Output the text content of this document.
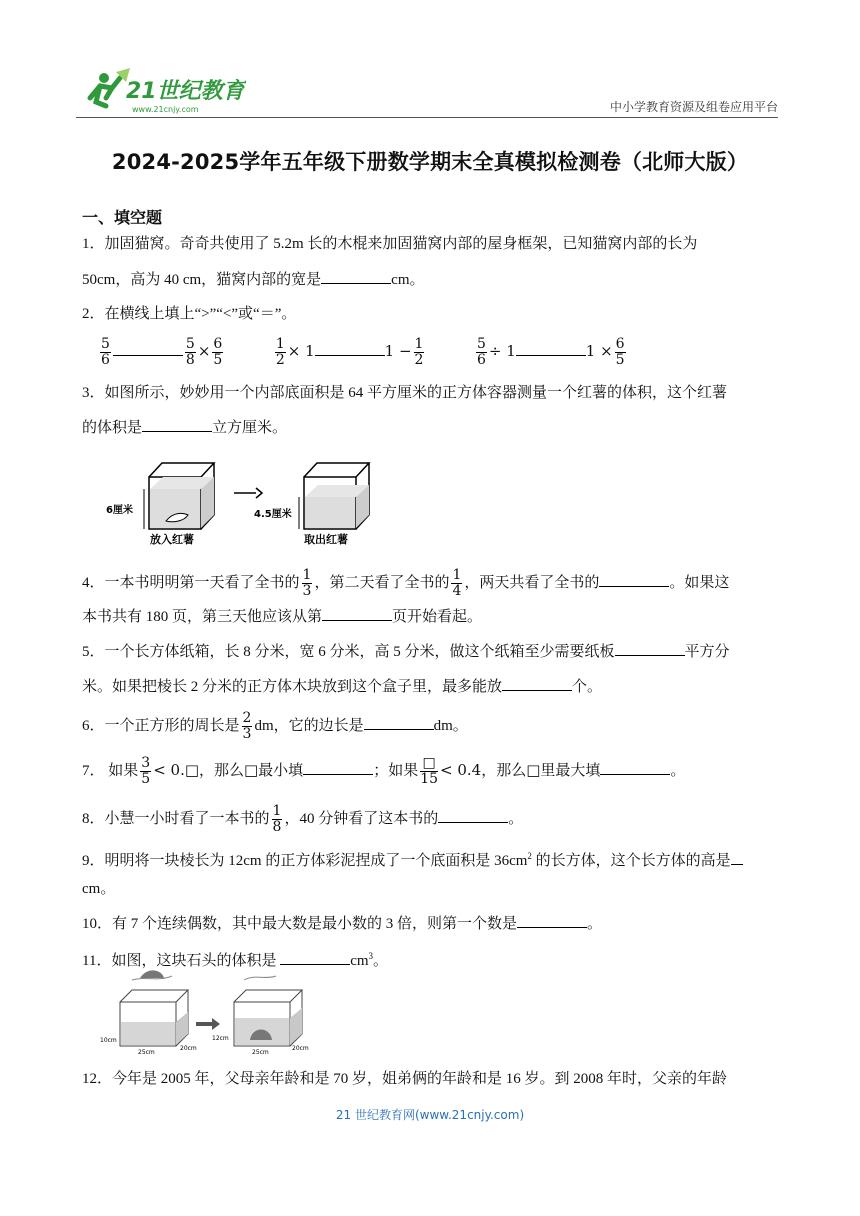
21世纪教育
www.21cnjy.com	中小学教育资源及组卷应用平台
2024-2025学年五年级下册数学期末全真模拟检测卷（北师大版）
一、填空题
1．加固猫窝。奇奇共使用了 5.2m 长的木棍来加固猫窝内部的屋身框架，已知猫窝内部的长为
50cm，高为 40 cm，猫窝内部的宽是	cm。
2．在横线上填上“>”“<”或“＝”。
$\frac{5}{6}$	$\frac{5}{8} \times \frac{6}{5}$
	$\frac{1}{2} \times 1$	$1 - \frac{1}{2}$
	$\frac{5}{6} \div 1$	$1 \times \frac{6}{5}$
3．如图所示，妙妙用一个内部底面积是 64 平方厘米的正方体容器测量一个红薯的体积，这个红薯
的体积是	立方厘米。
6厘米
放入红薯
4.5厘米
取出红薯
4．一本书明明第一天看了全书的 $\frac{1}{3}$ ，第二天看了全书的 $\frac{1}{4}$ ，两天共看了全书的	。如果这
本书共有 180 页，第三天他应该从第	页开始看起。
5．一个长方体纸箱，长 8 分米，宽 6 分米，高 5 分米，做这个纸箱至少需要纸板	平方分
米。如果把棱长 2 分米的正方体木块放到这个盒子里，最多能放	个。
6．一个正方形的周长是 $\frac{2}{3}$ dm，它的边长是	dm。
7． 如果 $\frac{3}{5}$ < 0.□，那么□最小填	；如果 $\frac{□}{15} < 0.4$，那么□里最大填	。
8．小慧一小时看了一本书的 $\frac{1}{8}$ ，40 分钟看了这本书的	。
9．明明将一块棱长为 12cm 的正方体彩泥捏成了一个底面积是 $36cm^2$ 的长方体，这个长方体的高是
cm。
10．有 7 个连续偶数，其中最大数是最小数的 3 倍，则第一个数是	。
11．如图，这块石头的体积是	$cm^3$。
10cm
25cm
20cm
12cm
25cm
20cm
12．今年是 2005 年，父母亲年龄和是 70 岁，姐弟俩的年龄和是 16 岁。到 2008 年时，父亲的年龄
21 世纪教育网(www.21cnjy.com)
